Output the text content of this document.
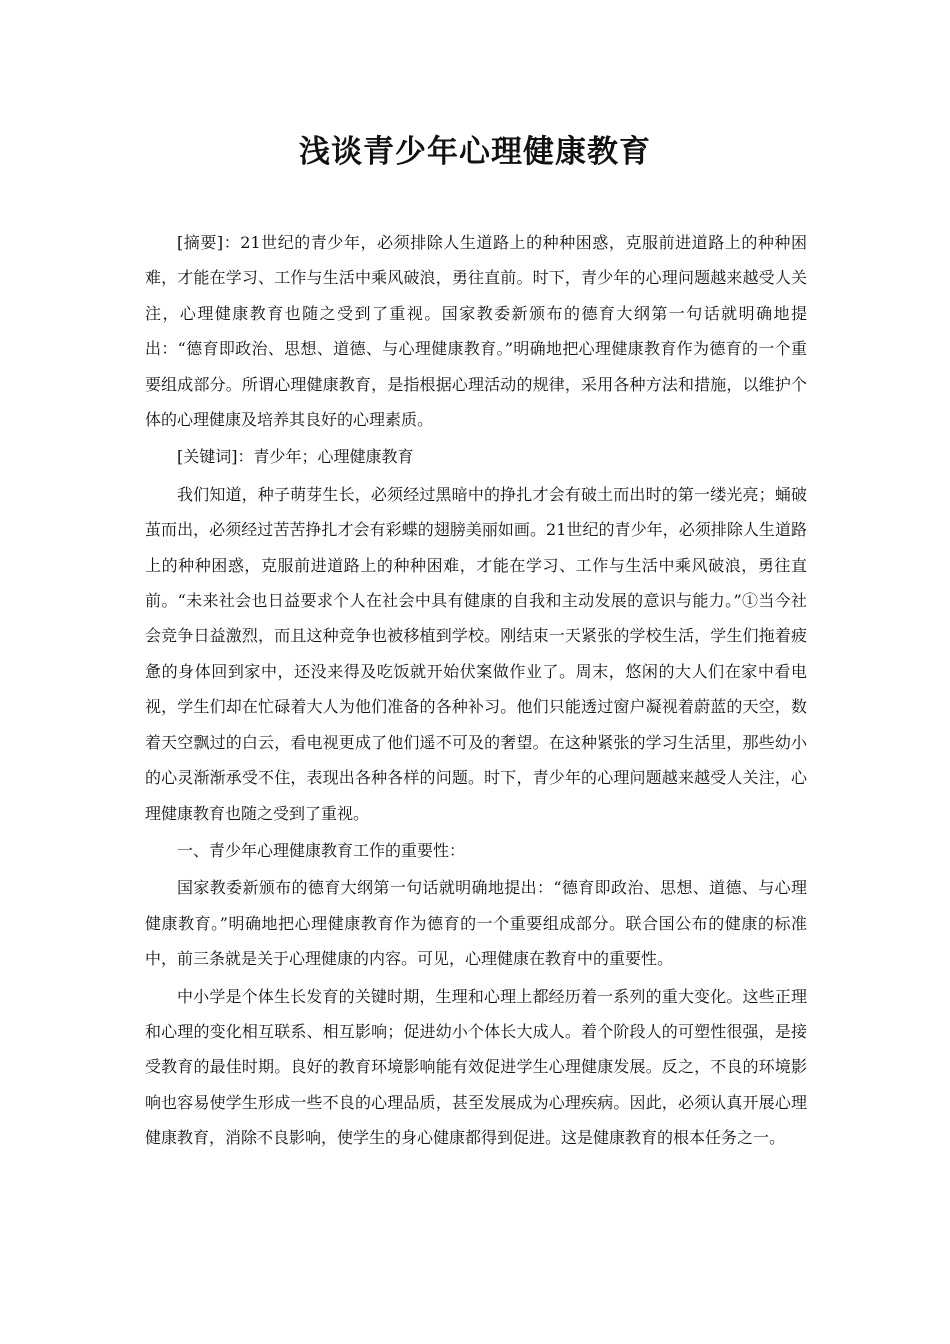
浅谈青少年心理健康教育

[摘要]：21世纪的青少年，必须排除人生道路上的种种困惑，克服前进道路上的种种困难，才能在学习、工作与生活中乘风破浪，勇往直前。时下，青少年的心理问题越来越受人关注，心理健康教育也随之受到了重视。国家教委新颁布的德育大纲第一句话就明确地提出：“德育即政治、思想、道德、与心理健康教育。”明确地把心理健康教育作为德育的一个重要组成部分。所谓心理健康教育，是指根据心理活动的规律，采用各种方法和措施，以维护个体的心理健康及培养其良好的心理素质。

[关键词]：青少年；心理健康教育

我们知道，种子萌芽生长，必须经过黑暗中的挣扎才会有破土而出时的第一缕光亮；蛹破茧而出，必须经过苦苦挣扎才会有彩蝶的翅膀美丽如画。21世纪的青少年，必须排除人生道路上的种种困惑，克服前进道路上的种种困难，才能在学习、工作与生活中乘风破浪，勇往直前。“未来社会也日益要求个人在社会中具有健康的自我和主动发展的意识与能力。”①当今社会竞争日益激烈，而且这种竞争也被移植到学校。刚结束一天紧张的学校生活，学生们拖着疲惫的身体回到家中，还没来得及吃饭就开始伏案做作业了。周末，悠闲的大人们在家中看电视，学生们却在忙碌着大人为他们准备的各种补习。他们只能透过窗户凝视着蔚蓝的天空，数着天空飘过的白云，看电视更成了他们遥不可及的奢望。在这种紧张的学习生活里，那些幼小的心灵渐渐承受不住，表现出各种各样的问题。时下，青少年的心理问题越来越受人关注，心理健康教育也随之受到了重视。

一、青少年心理健康教育工作的重要性：

国家教委新颁布的德育大纲第一句话就明确地提出：“德育即政治、思想、道德、与心理健康教育。”明确地把心理健康教育作为德育的一个重要组成部分。联合国公布的健康的标准中，前三条就是关于心理健康的内容。可见，心理健康在教育中的重要性。

中小学是个体生长发育的关键时期，生理和心理上都经历着一系列的重大变化。这些正理和心理的变化相互联系、相互影响；促进幼小个体长大成人。着个阶段人的可塑性很强，是接受教育的最佳时期。良好的教育环境影响能有效促进学生心理健康发展。反之，不良的环境影响也容易使学生形成一些不良的心理品质，甚至发展成为心理疾病。因此，必须认真开展心理健康教育，消除不良影响，使学生的身心健康都得到促进。这是健康教育的根本任务之一。
